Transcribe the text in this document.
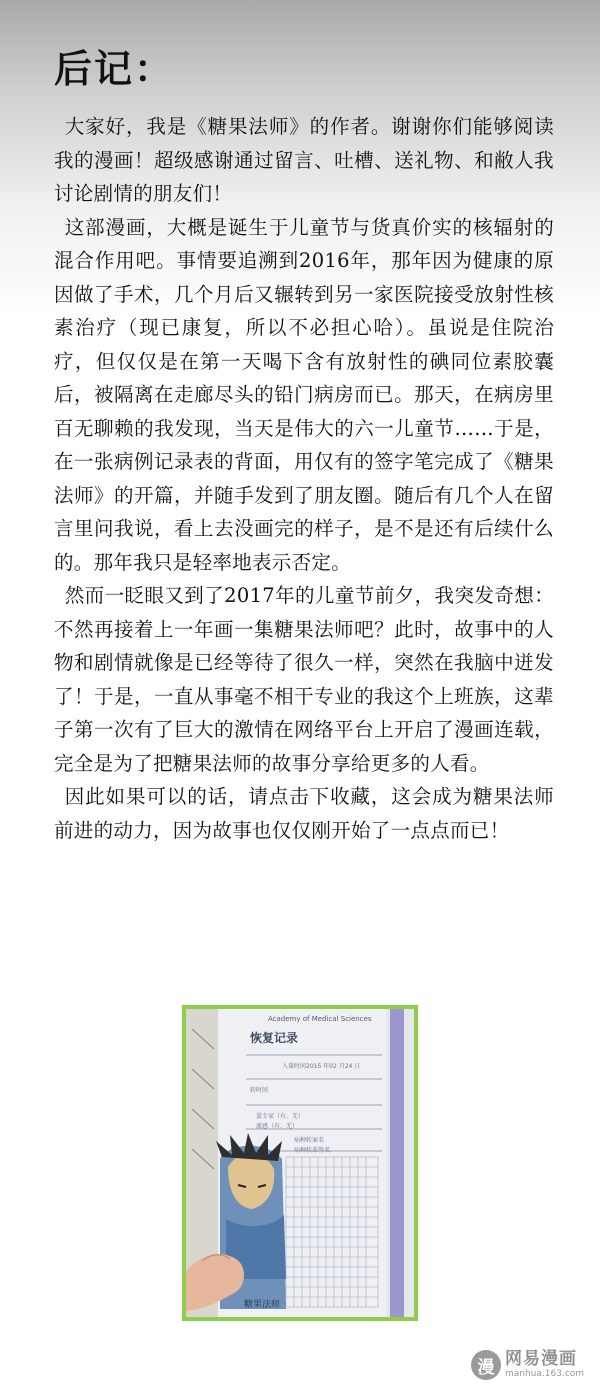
后记：

大家好，我是《糖果法师》的作者。谢谢你们能够阅读我的漫画！超级感谢通过留言、吐槽、送礼物、和敝人我讨论剧情的朋友们！

这部漫画，大概是诞生于儿童节与货真价实的核辐射的混合作用吧。事情要追溯到2016年，那年因为健康的原因做了手术，几个月后又辗转到另一家医院接受放射性核素治疗（现已康复，所以不必担心哈）。虽说是住院治疗，但仅仅是在第一天喝下含有放射性的碘同位素胶囊后，被隔离在走廊尽头的铅门病房而已。那天，在病房里百无聊赖的我发现，当天是伟大的六一儿童节……于是，在一张病例记录表的背面，用仅有的签字笔完成了《糖果法师》的开篇，并随手发到了朋友圈。随后有几个人在留言里问我说，看上去没画完的样子，是不是还有后续什么的。那年我只是轻率地表示否定。

然而一眨眼又到了2017年的儿童节前夕，我突发奇想：不然再接着上一年画一集糖果法师吧？此时，故事中的人物和剧情就像是已经等待了很久一样，突然在我脑中迸发了！于是，一直从事毫不相干专业的我这个上班族，这辈子第一次有了巨大的激情在网络平台上开启了漫画连载，完全是为了把糖果法师的故事分享给更多的人看。

因此如果可以的话，请点击下收藏，这会成为糖果法师前进的动力，因为故事也仅仅刚开始了一点点而已！

Academy of Medical Sciences
恢复记录
入量时间2015 年02 月24 日
转时间
蛋专家（有、无）
流感（有、无）
病种转案名
病种转来签名
糖果法师
漫 网易漫画
manhua.163.com
